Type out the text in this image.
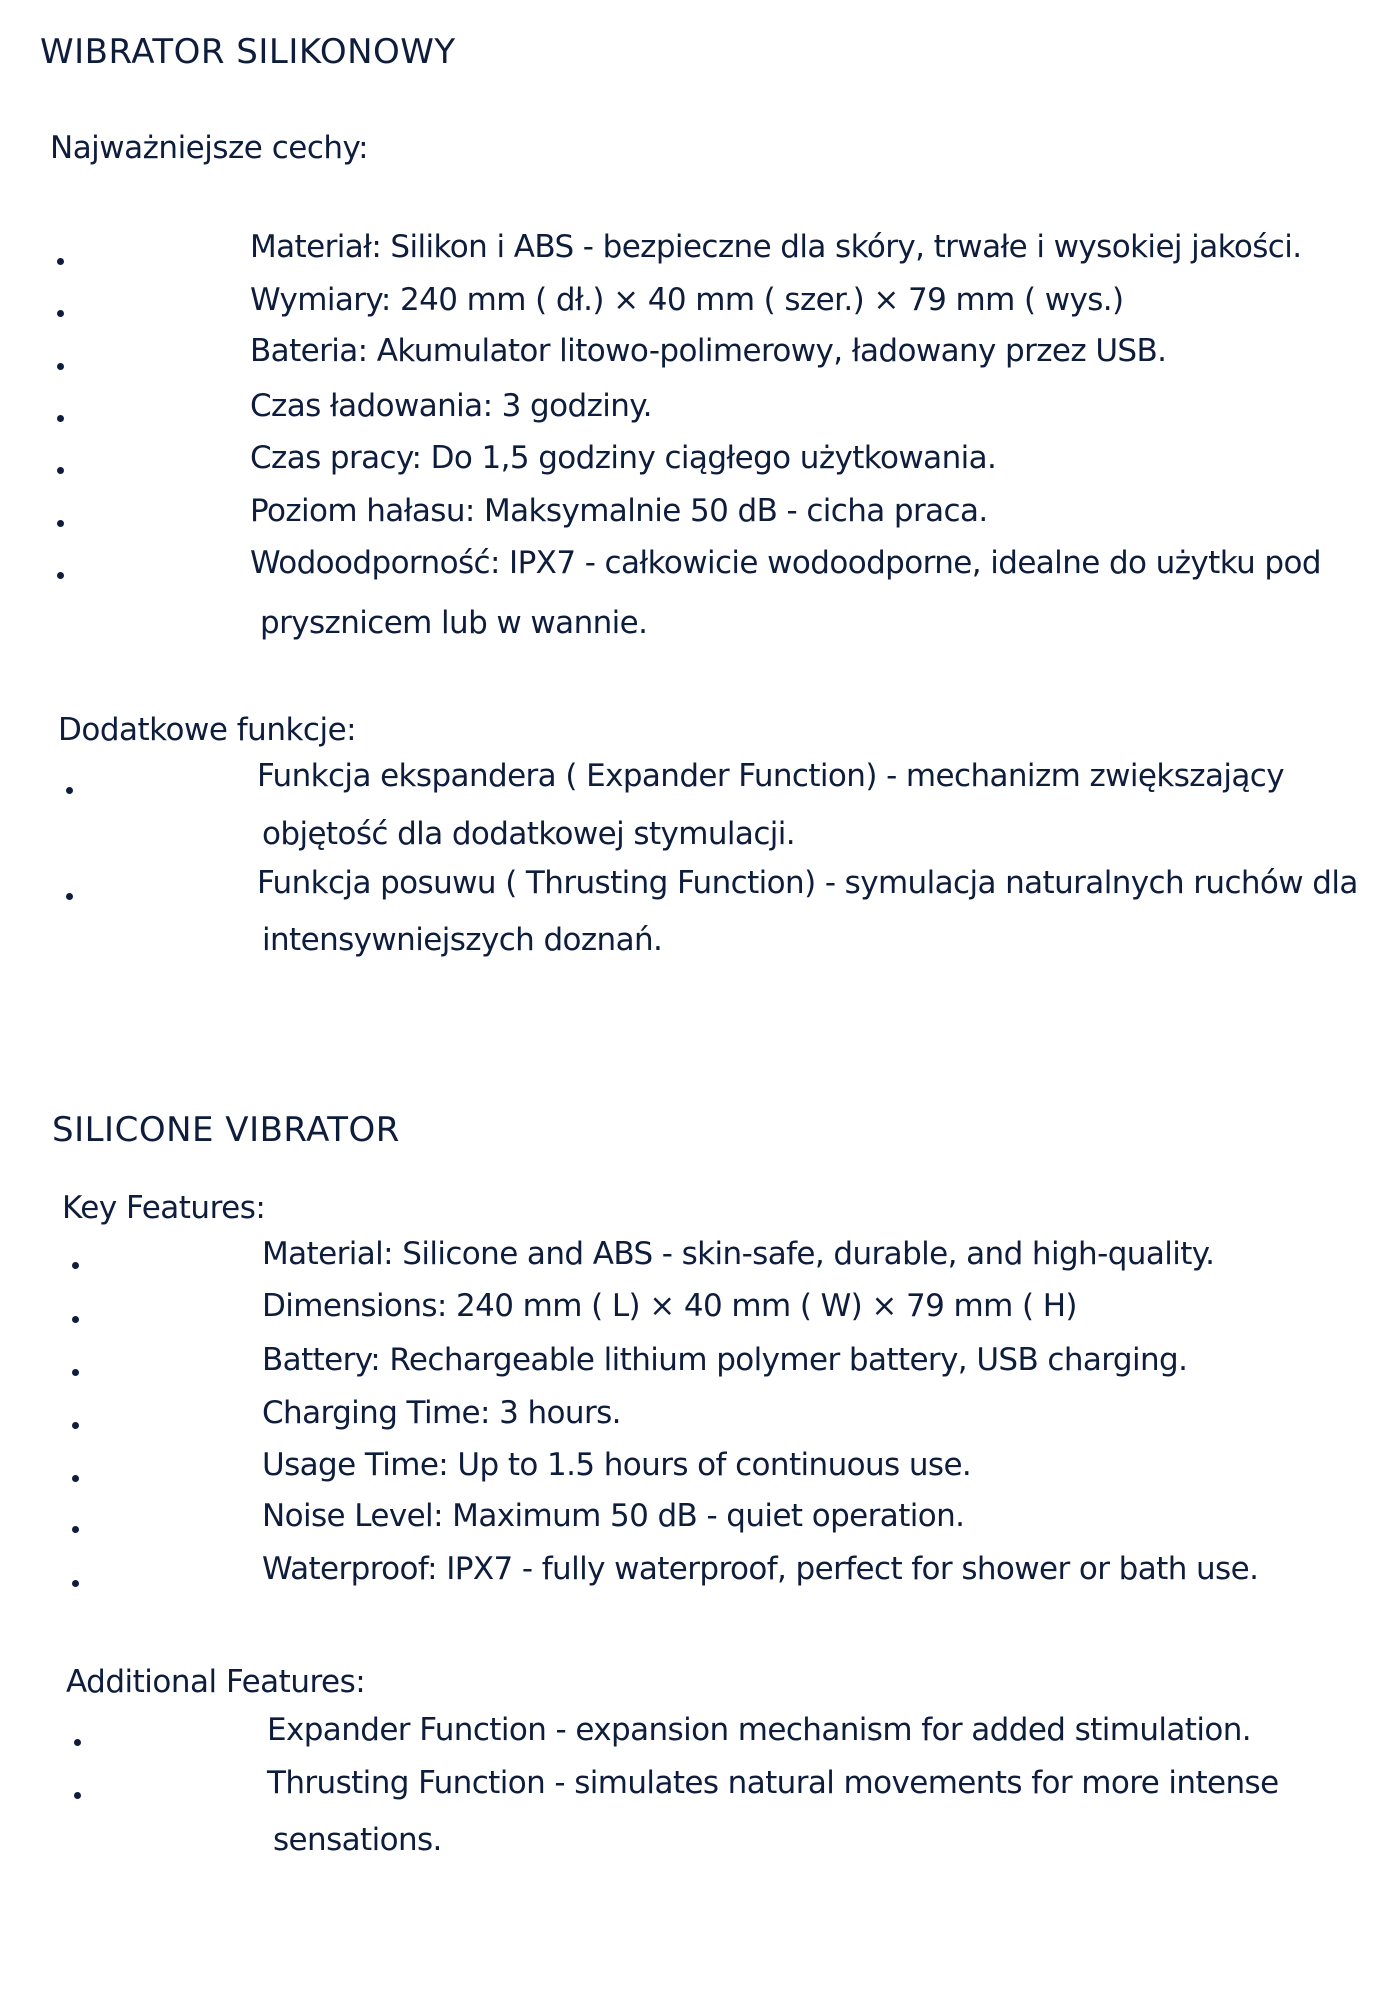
WIBRATOR SILIKONOWY
Najważniejsze cechy:
Materiał: Silikon i ABS - bezpieczne dla skóry, trwałe i wysokiej jakości.
Wymiary: 240 mm ( dł.) × 40 mm ( szer.) × 79 mm ( wys.)
Bateria: Akumulator litowo-polimerowy, ładowany przez USB.
Czas ładowania: 3 godziny.
Czas pracy: Do 1,5 godziny ciągłego użytkowania.
Poziom hałasu: Maksymalnie 50 dB - cicha praca.
Wodoodporność: IPX7 - całkowicie wodoodporne, idealne do użytku pod
prysznicem lub w wannie.
Dodatkowe funkcje:
Funkcja ekspandera ( Expander Function) - mechanizm zwiększający
objętość dla dodatkowej stymulacji.
Funkcja posuwu ( Thrusting Function) - symulacja naturalnych ruchów dla
intensywniejszych doznań.
SILICONE VIBRATOR
Key Features:
Material: Silicone and ABS - skin-safe, durable, and high-quality.
Dimensions: 240 mm ( L) × 40 mm ( W) × 79 mm ( H)
Battery: Rechargeable lithium polymer battery, USB charging.
Charging Time: 3 hours.
Usage Time: Up to 1.5 hours of continuous use.
Noise Level: Maximum 50 dB - quiet operation.
Waterproof: IPX7 - fully waterproof, perfect for shower or bath use.
Additional Features:
Expander Function - expansion mechanism for added stimulation.
Thrusting Function - simulates natural movements for more intense
sensations.
